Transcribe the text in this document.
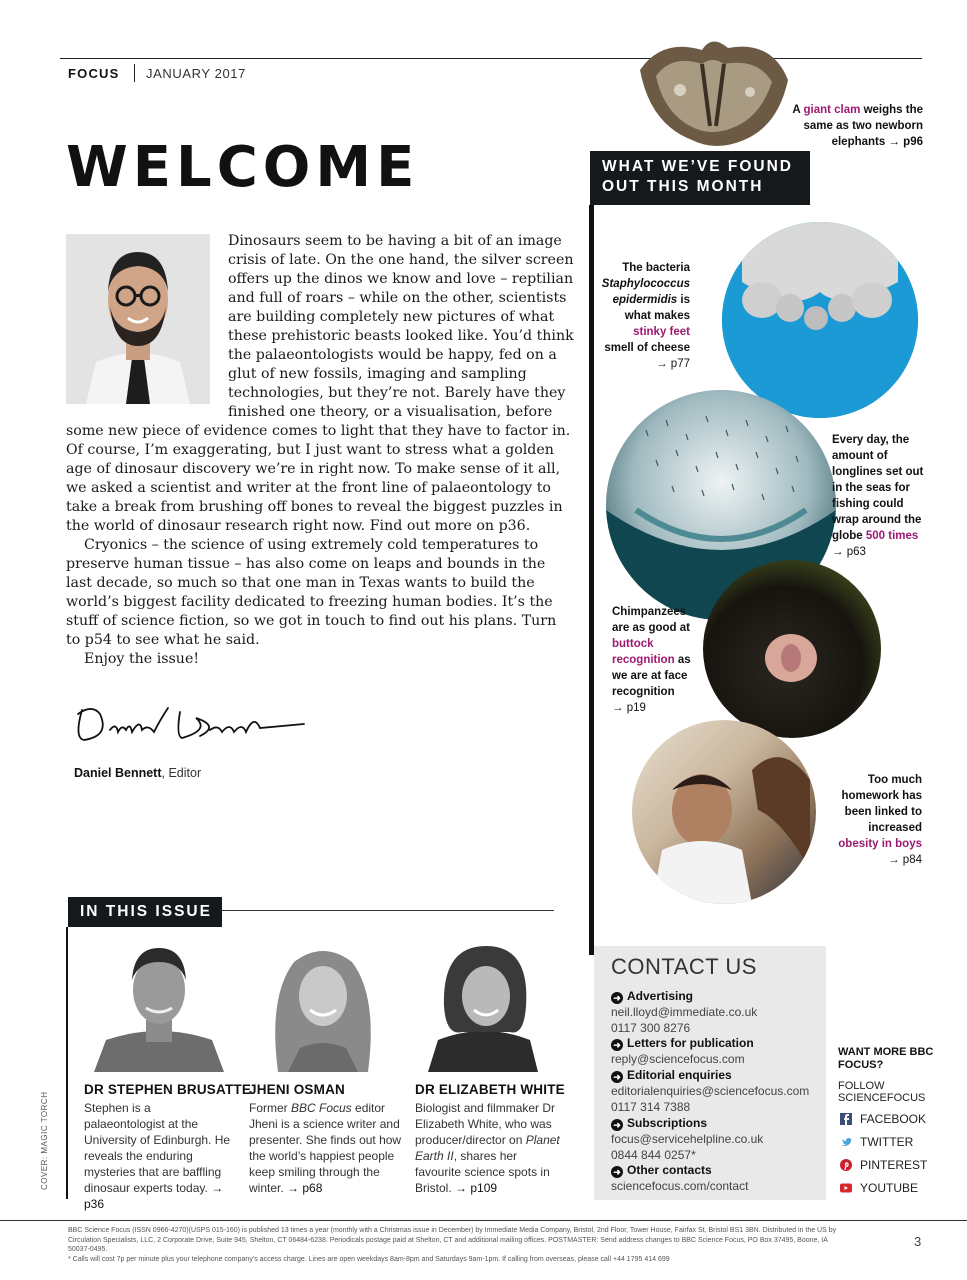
FOCUS JANUARY 2017
WELCOME

Dinosaurs seem to be having a bit of an image crisis of late. On the one hand, the silver screen offers up the dinos we know and love – reptilian and full of roars – while on the other, scientists are building completely new pictures of what these prehistoric beasts looked like. You’d think the palaeontologists would be happy, fed on a glut of new fossils, imaging and sampling technologies, but they’re not. Barely have they finished one theory, or a visualisation, before some new piece of evidence comes to light that they have to factor in. Of course, I’m exaggerating, but I just want to stress what a golden age of dinosaur discovery we’re in right now. To make sense of it all, we asked a scientist and writer at the front line of palaeontology to take a break from brushing off bones to reveal the biggest puzzles in the world of dinosaur research right now. Find out more on p36.

Cryonics – the science of using extremely cold temperatures to preserve human tissue – has also come on leaps and bounds in the last decade, so much so that one man in Texas wants to build the world’s biggest facility dedicated to freezing human bodies. It’s the stuff of science fiction, so we got in touch to find out his plans. Turn to p54 to see what he said.

Enjoy the issue!

Daniel Bennett, Editor
A giant clam weighs the same as two newborn elephants → p96
WHAT WE’VE FOUND
OUT THIS MONTH
The bacteria
Staphylococcus epidermidis is what makes
stinky feet
smell of cheese
→ p77
Every day, the amount of longlines set out in the seas for fishing could wrap around the globe 500 times
→ p63
Chimpanzees are as good at buttock recognition as we are at face recognition
→ p19
Too much homework has been linked to increased obesity in boys → p84
IN THIS ISSUE
DR STEPHEN BRUSATTE
JHENI OSMAN	DR ELIZABETH WHITE
Stephen is a palaeontologist at the University of Edinburgh. He reveals the enduring mysteries that are baffling dinosaur experts today. → p36
Former BBC Focus editor Jheni is a science writer and presenter. She finds out how the world’s happiest people keep smiling through the winter. → p68
Biologist and filmmaker Dr Elizabeth White, who was producer/director on Planet Earth II, shares her favourite science spots in Bristol. → p109
COVER: MAGIC TORCH
CONTACT US
➜ Advertising
neil.lloyd@immediate.co.uk
0117 300 8276
➜ Letters for publication
reply@sciencefocus.com
➜ Editorial enquiries
editorialenquiries@sciencefocus.com
0117 314 7388
➜ Subscriptions
focus@servicehelpline.co.uk
0844 844 0257*
➜ Other contacts
sciencefocus.com/contact
WANT MORE BBC FOCUS?
FOLLOW SCIENCEFOCUS
FACEBOOK
TWITTER
PINTEREST
YOUTUBE
BBC Science Focus (ISSN 0966-4270)(USPS 015-160) is published 13 times a year (monthly with a Christmas issue in December) by Immediate Media Company, Bristol, 2nd Floor, Tower House, Fairfax St, Bristol BS1 3BN. Distributed in the US by Circulation Specialists, LLC, 2 Corporate Drive, Suite 945, Shelton, CT 06484-6238. Periodicals postage paid at Shelton, CT and additional mailing offices. POSTMASTER: Send address changes to BBC Science Focus, PO Box 37495, Boone, IA 50037-0495.
* Calls will cost 7p per minute plus your telephone company’s access charge. Lines are open weekdays 8am-8pm and Saturdays 9am-1pm. If calling from overseas, please call +44 1795 414 699
3
